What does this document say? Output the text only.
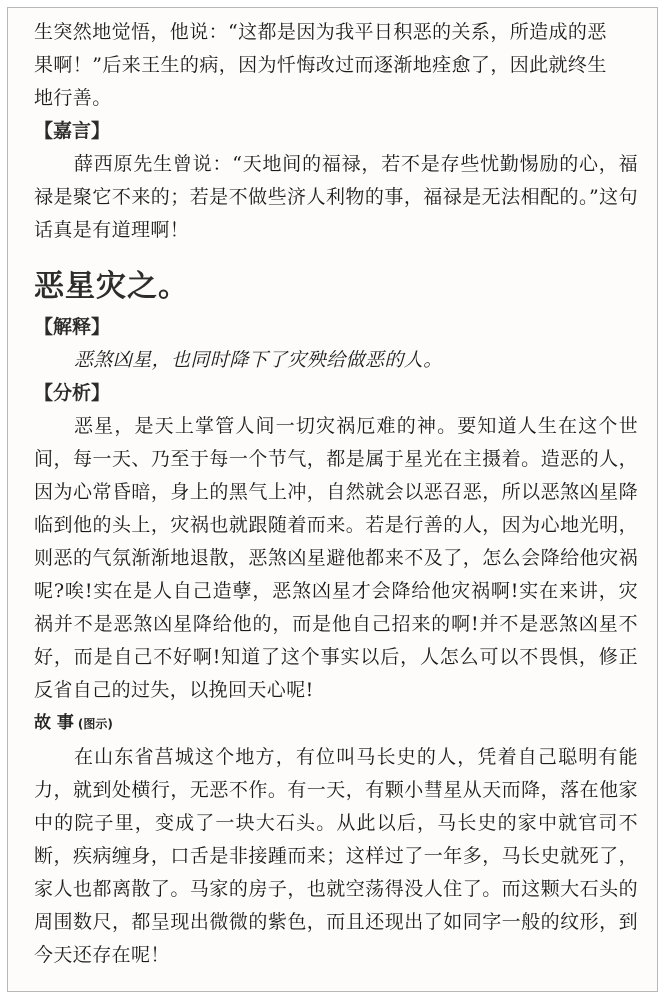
生突然地觉悟，他说：“这都是因为我平日积恶的关系，所造成的恶

果啊！”后来王生的病，因为忏悔改过而逐渐地痊愈了，因此就终生

地行善。

【嘉言】

薛西原先生曾说：“天地间的福禄，若不是存些忧勤惕励的心，福禄是聚它不来的；若是不做些济人利物的事，福禄是无法相配的。”这句话真是有道理啊！

恶星灾之。
【解释】

恶煞凶星，也同时降下了灾殃给做恶的人。

【分析】

恶星，是天上掌管人间一切灾祸厄难的神。要知道人生在这个世间，每一天、乃至于每一个节气，都是属于星光在主摄着。造恶的人，因为心常昏暗，身上的黑气上冲，自然就会以恶召恶，所以恶煞凶星降临到他的头上，灾祸也就跟随着而来。若是行善的人，因为心地光明，则恶的气氛渐渐地退散，恶煞凶星避他都来不及了，怎么会降给他灾祸呢?唉!实在是人自己造孽，恶煞凶星才会降给他灾祸啊!实在来讲，灾祸并不是恶煞凶星降给他的，而是他自己招来的啊!并不是恶煞凶星不好，而是自己不好啊!知道了这个事实以后，人怎么可以不畏惧，修正反省自己的过失，以挽回天心呢!

故 事 (图示)

在山东省莒城这个地方，有位叫马长史的人，凭着自己聪明有能力，就到处横行，无恶不作。有一天，有颗小彗星从天而降，落在他家中的院子里，变成了一块大石头。从此以后，马长史的家中就官司不断，疾病缠身，口舌是非接踵而来；这样过了一年多，马长史就死了，家人也都离散了。马家的房子，也就空荡得没人住了。而这颗大石头的周围数尺，都呈现出微微的紫色，而且还现出了如同字一般的纹形，到今天还存在呢！
